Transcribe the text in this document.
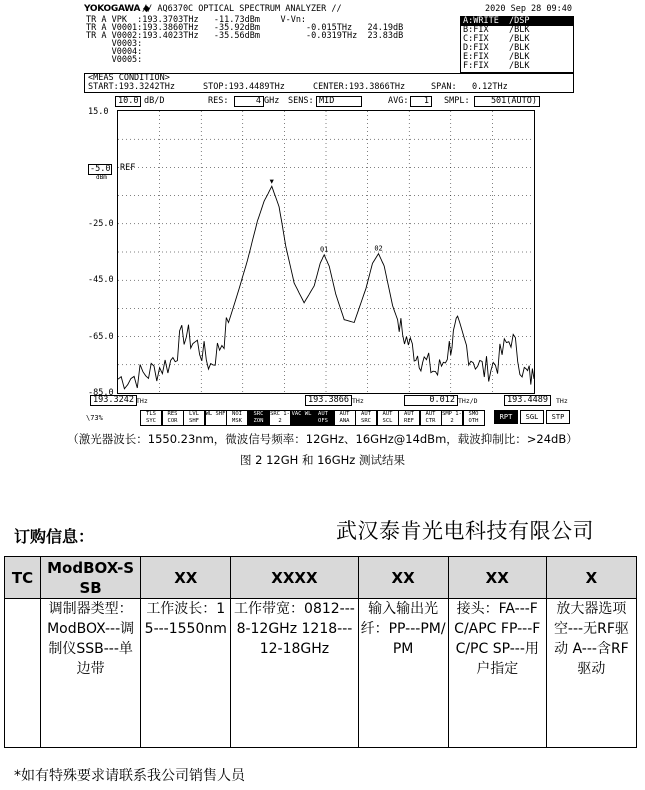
YOKOGAWA ◆
// AQ6370C OPTICAL SPECTRUM ANALYZER //	2020 Sep 28 09:40
TR A VPK  :193.3703THz   -11.73dBm    V-Vn:
TR A V0001:193.3860THz   -35.92dBm         -0.015THz   24.19dB
TR A V0002:193.4023THz   -35.56dBm         -0.0319THz  23.83dB
V0003:
V0004:
V0005:
A:WRITE  /DSP
B:FIX    /BLK
C:FIX    /BLK
D:FIX    /BLK
E:FIX    /BLK
F:FIX    /BLK
<MEAS CONDITION>
START:193.3242THz	STOP:193.4489THz	CENTER:193.3866THz	SPAN:   0.12THz
10.0 dB/D	RES:	4 GHz SENS: MID	AVG:	1	SMPL:	501(AUTO)
15.0
-5.0
dBm
REF
-25.0
-45.0
-65.0
-85.0
▼
01	02
193.3242 THz	193.3866 THz	0.012 THz/D	193.4489	THz
\73%	TLS SYC
RES COR
LVL SHF
WL SHF	NOI MSK
SRC ZON
SRC 1-2
VAC WL	AUT OFS
AUT ANA
AUT SRC
AUT SCL
AUT REF
AUT CTR
SMP 1-2
SMO OTH	RPT	SGL	STP
（激光器波长：1550.23nm，微波信号频率：12GHz、16GHz@14dBm，载波抑制比：>24dB）
图 2 12GH 和 16GHz 测试结果
订购信息：	武汉泰肯光电科技有限公司
TC	ModBOX-SSB	XX	XXXX	XX	XX	X
	调制器类型：ModBOX---调制仪SSB---单边带	工作波长：15---1550nm	工作带宽：0812---8-12GHz 1218---12-18GHz	输入输出光纤：PP---PM/PM	接头：FA---FC/APC FP---FC/PC SP---用户指定	放大器选项空---无RF驱动 A---含RF驱动
*如有特殊要求请联系我公司销售人员
